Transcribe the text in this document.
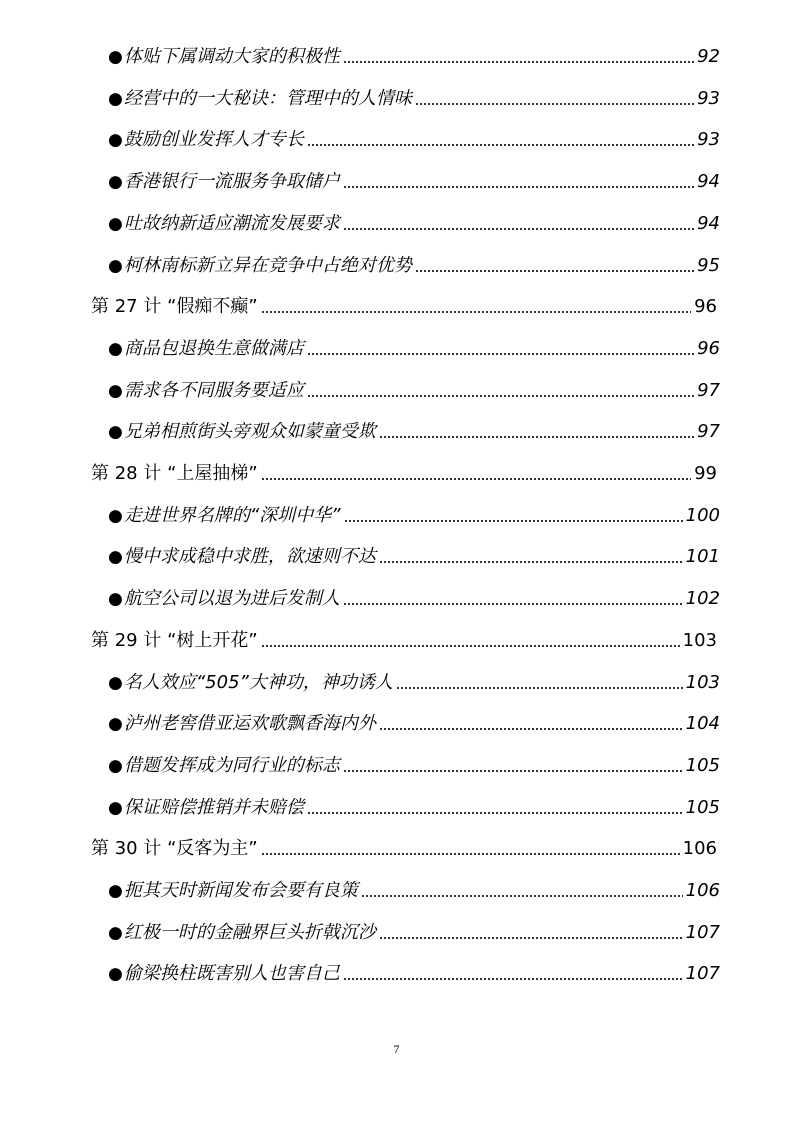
● 体贴下属调动大家的积极性	92
● 经营中的一大秘诀：管理中的人情味	93
● 鼓励创业发挥人才专长	93
● 香港银行一流服务争取储户	94
● 吐故纳新适应潮流发展要求	94
● 柯林南标新立异在竞争中占绝对优势	95
第 27 计 “假痴不癫”	96
● 商品包退换生意做满店	96
● 需求各不同服务要适应	97
● 兄弟相煎街头旁观众如蒙童受欺	97
第 28 计 “上屋抽梯”	99
● 走进世界名牌的“深圳中华”	100
● 慢中求成稳中求胜，欲速则不达	101
● 航空公司以退为进后发制人	102
第 29 计 “树上开花”	103
● 名人效应“505”大神功，神功诱人	103
● 泸州老窖借亚运欢歌飘香海内外	104
● 借题发挥成为同行业的标志	105
● 保证赔偿推销并未赔偿	105
第 30 计 “反客为主”	106
● 扼其天时新闻发布会要有良策	106
● 红极一时的金融界巨头折戟沉沙	107
● 偷梁换柱既害别人也害自己	107
7
